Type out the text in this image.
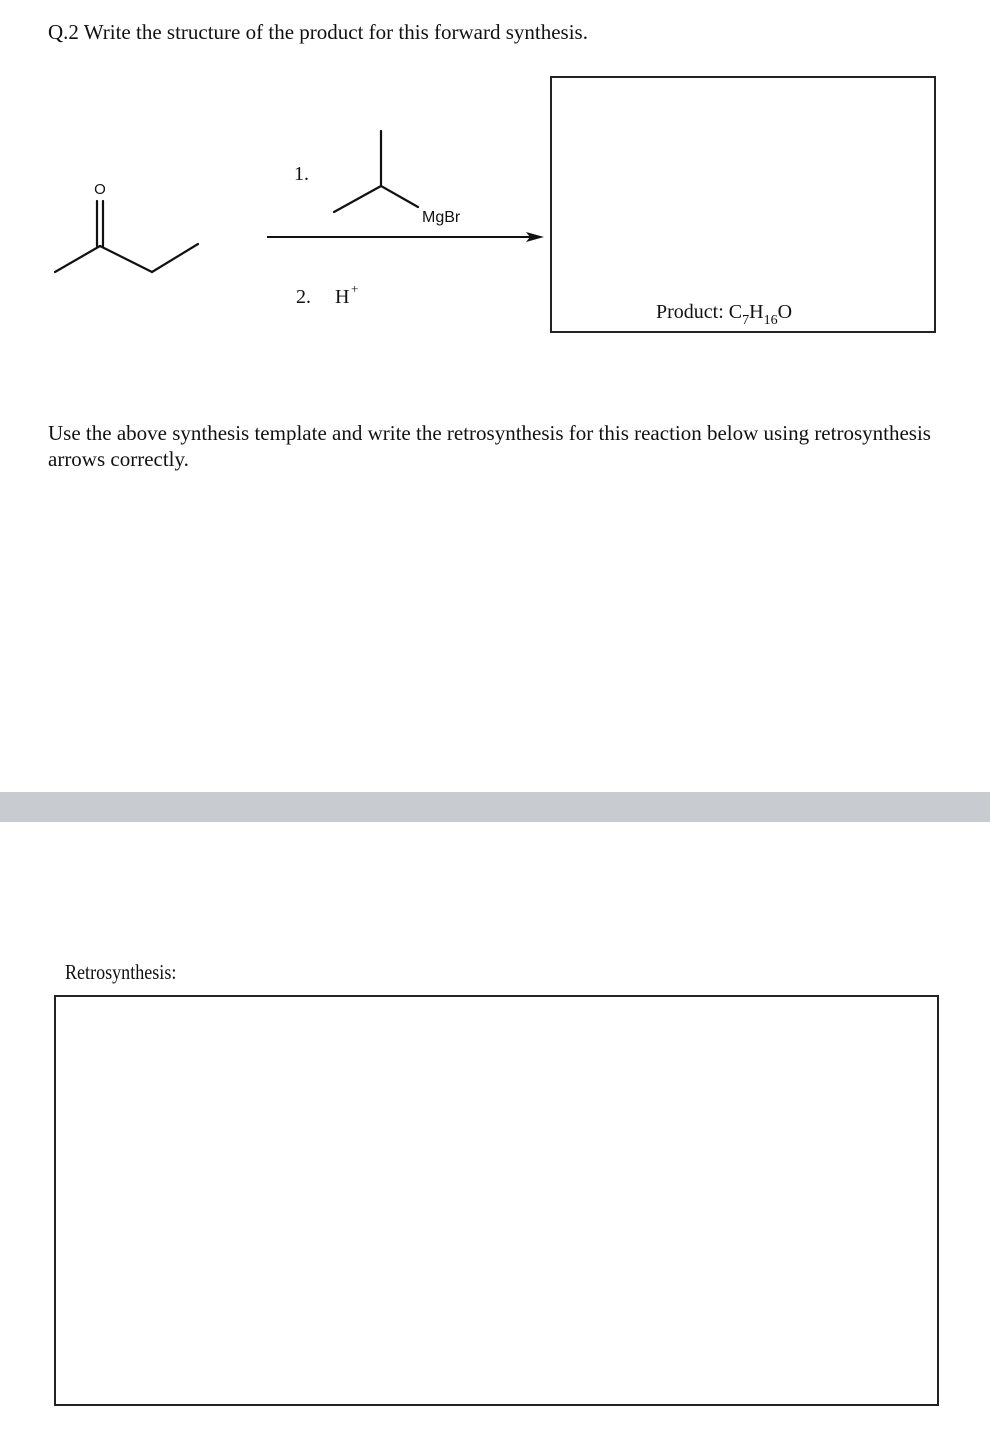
Q.2 Write the structure of the product for this forward synthesis.
O
1.
MgBr
2. H +
Product: $C_7H_{16}O$
Use the above synthesis template and write the retrosynthesis for this reaction below using retrosynthesis arrows correctly.
Retrosynthesis:
